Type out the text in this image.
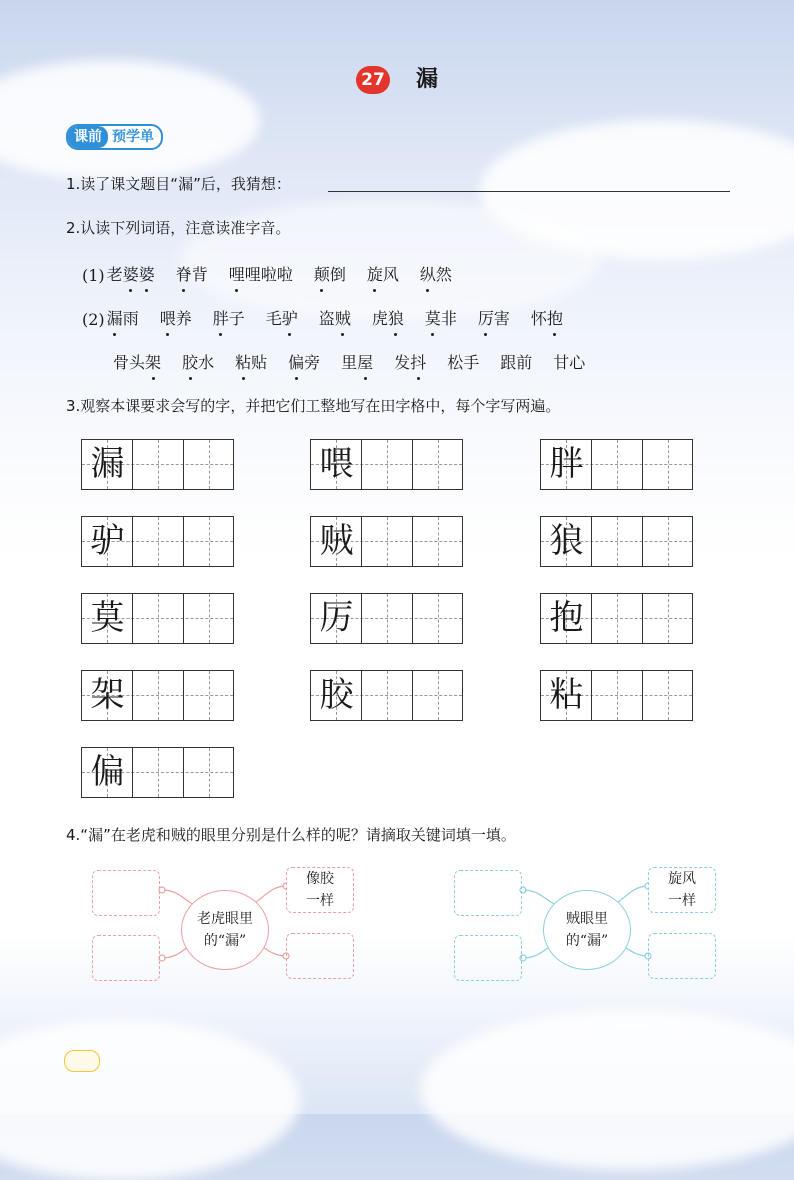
27 漏
课前 预学单
1.读了课文题目“漏”后，我猜想：
2.认读下列词语，注意读准字音。
(1) 老婆婆 脊背 哩哩啦啦 颠倒 旋风 纵然
(2) 漏雨 喂养 胖子 毛驴 盗贼 虎狼 莫非 厉害 怀抱
骨头架 胶水 粘贴 偏旁 里屋 发抖 松手 跟前 甘心
3.观察本课要求会写的字，并把它们工整地写在田字格中，每个字写两遍。
漏	喂	胖
驴	贼	狼
莫	厉	抱
架	胶	粘
偏
4.“漏”在老虎和贼的眼里分别是什么样的呢？请摘取关键词填一填。
像胶
一样
老虎眼里
的“漏”
旋风
一样
贼眼里
的“漏”
